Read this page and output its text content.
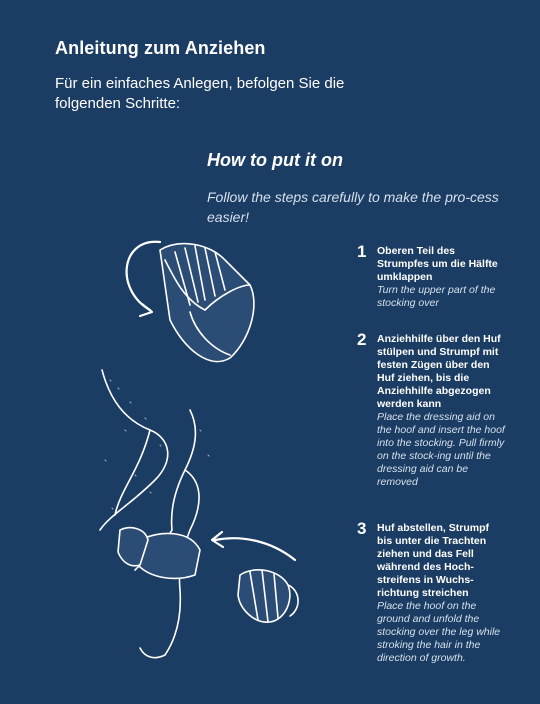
Anleitung zum Anziehen

Für ein einfaches Anlegen, befolgen Sie die folgenden Schritte:

How to put it on

Follow the steps carefully to make the pro-cess easier!

1 Oberen Teil des Strumpfes um die Hälfte umklappen
Turn the upper part of the stocking over
2 Anziehhilfe über den Huf stülpen und Strumpf mit festen Zügen über den Huf ziehen, bis die Anziehhilfe abgezogen werden kann
Place the dressing aid on the hoof and insert the hoof into the stocking. Pull firmly on the stock-ing until the dressing aid can be removed
3 Huf abstellen, Strumpf bis unter die Trachten ziehen und das Fell während des Hoch-streifens in Wuchs-richtung streichen
Place the hoof on the ground and unfold the stocking over the leg while stroking the hair in the direction of growth.
